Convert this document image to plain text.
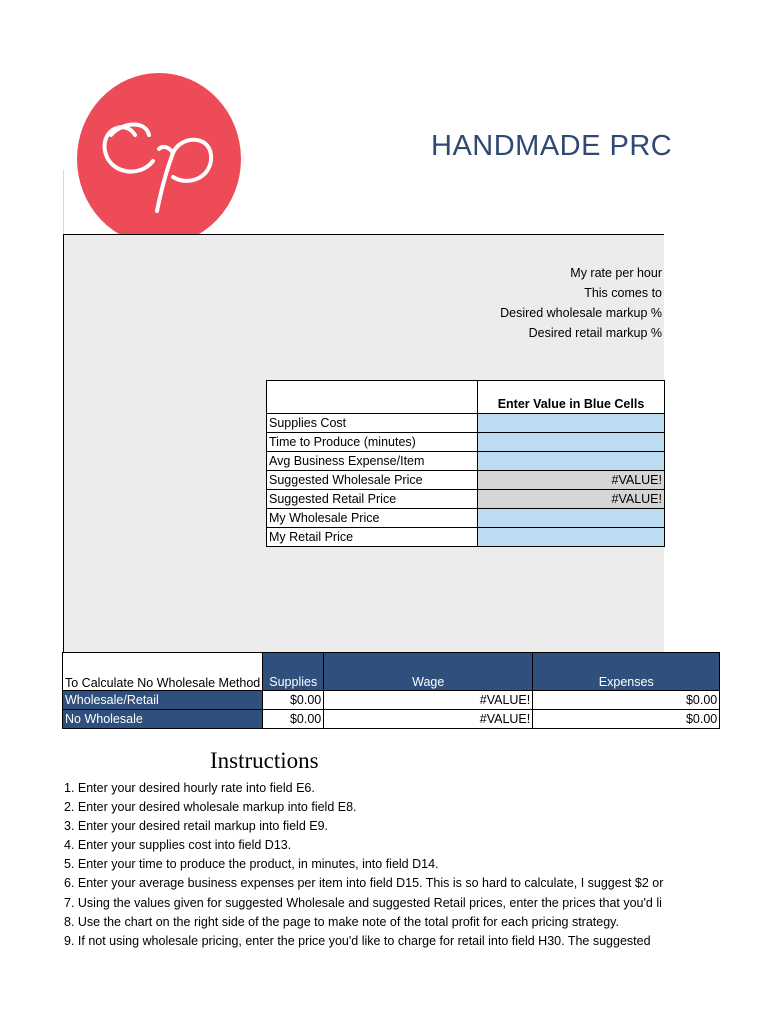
HANDMADE PRC
My rate per hour
This comes to
Desired wholesale markup %
Desired retail markup %
	Enter Value in Blue Cells
Supplies Cost	
Time to Produce (minutes)	
Avg Business Expense/Item	
Suggested Wholesale Price	#VALUE!
Suggested Retail Price	#VALUE!
My Wholesale Price	
My Retail Price	
To Calculate No Wholesale Method	Supplies	Wage	Expenses
Wholesale/Retail	$0.00	#VALUE!	$0.00
No Wholesale	$0.00	#VALUE!	$0.00
Instructions
1. Enter your desired hourly rate into field E6.
2. Enter your desired wholesale markup into field E8.
3. Enter your desired retail markup into field E9.
4. Enter your supplies cost into field D13.
5. Enter your time to produce the product, in minutes, into field D14.
6. Enter your average business expenses per item into field D15. This is so hard to calculate, I suggest $2 or
7. Using the values given for suggested Wholesale and suggested Retail prices, enter the prices that you'd li
8. Use the chart on the right side of the page to make note of the total profit for each pricing strategy.
9. If not using wholesale pricing, enter the price you'd like to charge for retail into field H30. The suggested
